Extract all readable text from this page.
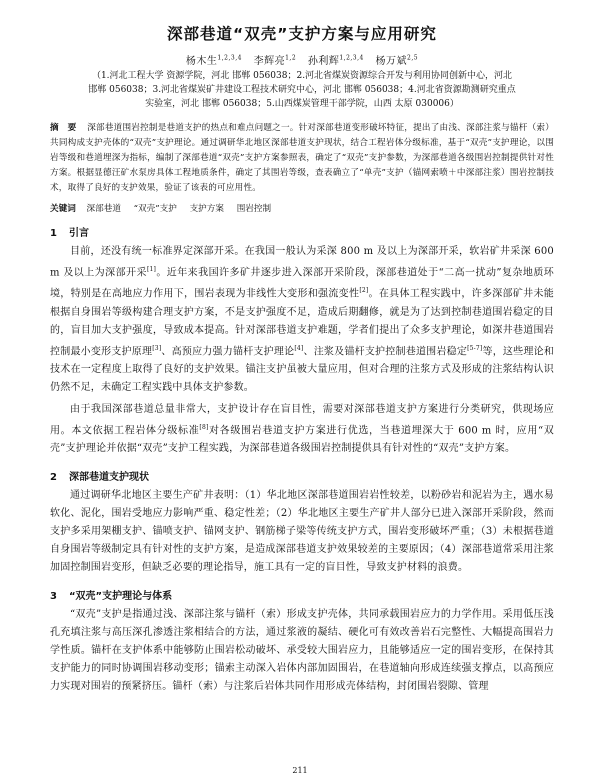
深部巷道“双壳”支护方案与应用研究
杨木生$^{1,2,3,4}$ 李辉亮$^{1,2}$ 孙利辉$^{1,2,3,4}$ 杨万斌$^{2,5}$
（1.河北工程大学 资源学院，河北 邯郸 056038；2.河北省煤炭资源综合开发与利用协同创新中心，河北
邯郸 056038；3.河北省煤炭矿井建设工程技术研究中心，河北 邯郸 056038；4.河北省资源勘测研究重点
实验室，河北 邯郸 056038；5.山西煤炭管理干部学院，山西 太原 030006）
摘 要 深部巷道围岩控制是巷道支护的热点和难点问题之一。针对深部巷道变形破坏特征，提出了由浅、深部注浆与锚杆（索）共同构成支护壳体的“双壳”支护理论。通过调研华北地区深部巷道支护现状，结合工程岩体分级标准，基于“双壳”支护理论，以围岩等级和巷道埋深为指标，编制了深部巷道“双壳”支护方案参照表，确定了“双壳”支护参数，为深部巷道各级围岩控制提供针对性方案。根据显德汪矿水泵房具体工程地质条件，确定了其围岩等级，查表确立了“单壳”支护（锚网索喷＋中深部注浆）围岩控制技术，取得了良好的支护效果，验证了该表的可应用性。
关键词 深部巷道 “双壳”支护 支护方案 围岩控制
1 引言

目前，还没有统一标准界定深部开采。在我国一般认为采深 800 m 及以上为深部开采，软岩矿井采深 600 m 及以上为深部开采[1]。近年来我国许多矿井逐步进入深部开采阶段，深部巷道处于“二高一扰动”复杂地质环境，特别是在高地应力作用下，围岩表现为非线性大变形和强流变性[2]。在具体工程实践中，许多深部矿井未能根据自身围岩等级构建合理支护方案，不是支护强度不足，造成后期翻修，就是为了达到控制巷道围岩稳定的目的，盲目加大支护强度，导致成本提高。针对深部巷道支护难题，学者们提出了众多支护理论，如深井巷道围岩控制最小变形支护原理[3]、高预应力强力锚杆支护理论[4]、注浆及锚杆支护控制巷道围岩稳定[5-7]等，这些理论和技术在一定程度上取得了良好的支护效果。锚注支护虽被大量应用，但对合理的注浆方式及形成的注浆结构认识仍然不足，未确定工程实践中具体支护参数。

由于我国深部巷道总量非常大，支护设计存在盲目性，需要对深部巷道支护方案进行分类研究，供现场应用。本文依据工程岩体分级标准[8]对各级围岩巷道支护方案进行优选，当巷道埋深大于 600 m 时，应用“双壳”支护理论并依据“双壳”支护工程实践，为深部巷道各级围岩控制提供具有针对性的“双壳”支护方案。

2 深部巷道支护现状

通过调研华北地区主要生产矿井表明：（1）华北地区深部巷道围岩岩性较差，以粉砂岩和泥岩为主，遇水易软化、泥化，围岩受地应力影响严重、稳定性差；（2）华北地区主要生产矿井人部分已进入深部开采阶段，然而支护多采用架棚支护、锚喷支护、锚网支护、钢筋梯子梁等传统支护方式，围岩变形破坏严重；（3）未根据巷道自身围岩等级制定具有针对性的支护方案，是造成深部巷道支护效果较差的主要原因；（4）深部巷道常采用注浆加固控制围岩变形，但缺乏必要的理论指导，施工具有一定的盲目性，导致支护材料的浪费。

3 “双壳”支护理论与体系

“双壳”支护是指通过浅、深部注浆与锚杆（索）形成支护壳体，共同承载围岩应力的力学作用。采用低压浅孔充填注浆与高压深孔渗透注浆相结合的方法，通过浆液的凝结、硬化可有效改善岩石完整性、大幅提高围岩力学性质。锚杆在支护体系中能够防止围岩松动破坏、承受较大围岩应力，且能够适应一定的围岩变形，在保持其支护能力的同时协调围岩移动变形；锚索主动深入岩体内部加固围岩，在巷道轴向形成连续强支撑点，以高预应力实现对围岩的预紧挤压。锚杆（索）与注浆后岩体共同作用形成壳体结构，封闭围岩裂隙、管理

211
